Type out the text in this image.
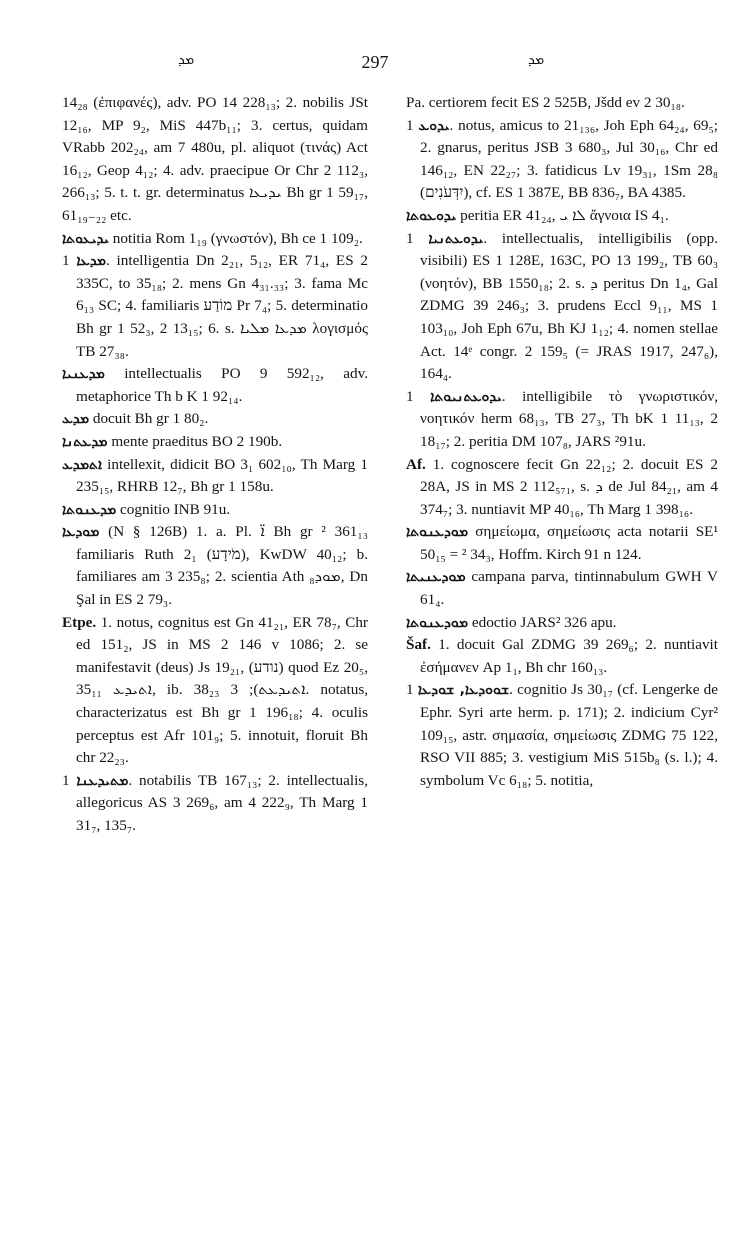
ܡܕ	297	ܡܕ

14₂₈ (ἐπιφανές), adv. PO 14 228₁₃; 2. nobilis JSt 12₁₆, MP 9₂, MiS 447b₁₁; 3. certus, quidam VRabb 202₂₄, am 7 480u, pl. aliquot (τινάς) Act 16₁₂, Geop 4₁₂; 4. adv. praecipue Or Chr 2 112₃, 266₁₃; 5. t. t. gr. determinatus ܝܕܝܥܐ Bh gr 1 59₁₇, 61₁₉₋₂₂ etc.

ܝܕܝܥܘܬܐ notitia Rom 1₁₉ (γνωστόν), Bh ce 1 109₂.

ܡܕܥܐ 1. intelligentia Dn 2₂₁, 5₁₂, ER 71₄, ES 2 335C, to 35₁₈; 2. mens Gn 4₃₁.₃₃; 3. fama Mc 6₁₃ SC; 4. familiaris מוֹדַע Pr 7₄; 5. determinatio Bh gr 1 52₃, 2 13₁₅; 6. s. ܡܕܥܐ ܡܠܝܐ λογισμός TB 27₃₈.

ܡܕܥܢܝܐ intellectualis PO 9 592₁₂, adv. metaphorice Th b K 1 92₁₄.

ܡܕܥ docuit Bh gr 1 80₂.

ܡܕܥܬܢܐ mente praeditus BO 2 190b.

ܐܬܡܕܥ intellexit, didicit BO 3₁ 602₁₀, Th Marg 1 235₁₅, RHRB 12₇, Bh gr 1 158u.

ܡܕܥܢܘܬܐ cognitio INB 91u.

ܡܘܕܥܐ (N § 126B) 1. a. Pl. ܐ̈ Bh gr ² 361₁₃ familiaris Ruth 2₁ (מֹידָע), KwDW 40₁₂; b. familiares am 3 235₈; 2. scientia Ath ܡܘܕ₈, Dn Şal in ES 2 79₃.

Etpe. 1. notus, cognitus est Gn 41₂₁, ER 78₇, Chr ed 151₂, JS in MS 2 146 v 1086; 2. se manifestavit (deus) Js 19₂₁, (נודע) quod Ez 20₅, 35₁₁ ܐܬܝܕܥ, ib. 38₂₃ ܐܬܝܕܥܬ); 3. notatus, characterizatus est Bh gr 1 196₁₈; 4. oculis perceptus est Afr 101₉; 5. innotuit, floruit Bh chr 22₂₃.

ܡܬܝܕܥܢܐ 1. notabilis TB 167₁₃; 2. intellectualis, allegoricus AS 3 269₆, am 4 222₉, Th Marg 1 31₇, 135₇.

Pa. certiorem fecit ES 2 525B, Jšdd ev 2 30₁₈.

ܝܕܘܥ 1. notus, amicus to 21₁₃₆, Joh Eph 64₂₄, 69₅; 2. gnarus, peritus JSB 3 680₃, Jul 30₁₆, Chr ed 146₁₂, EN 22₂₇; 3. fatidicus Lv 19₃₁, 1Sm 28₈ (יִדְּעֹנִים), cf. ES 1 387E, BB 836₇, BA 4385.

ܝܕܘܥܘܬܐ peritia ER 41₂₄, ܠܐ ܝ ἄγνοια IS 4₁.

ܝܕܘܥܬܢܝܐ 1. intellectualis, intelligibilis (opp. visibili) ES 1 128E, 163C, PO 13 199₂, TB 60₃ (νοητόν), BB 1550₁₈; 2. s. ܕ peritus Dn 1₄, Gal ZDMG 39 246₃; 3. prudens Eccl 9₁₁, MS 1 103₁₀, Joh Eph 67u, Bh KJ 1₁₂; 4. nomen stellae Act. 14ᵉ congr. 2 159₅ (= JRAS 1917, 247₆), 164₄.

ܝܕܘܥܬܢܝܘܬܐ 1. intelligibile τὸ γνωριστικόν, νοητικόν herm 68₁₃, TB 27₃, Th bK 1 11₁₃, 2 18₁₇; 2. peritia DM 107₈, JARS ²91u.

Af. 1. cognoscere fecit Gn 22₁₂; 2. docuit ES 2 28A, JS in MS 2 112₅₇₁, s. ܕ de Jul 84₂₁, am 4 374₇; 3. nuntiavit MP 40₁₆, Th Marg 1 398₁₆.

ܡܘܕܥܢܘܬܐ σημείωμα, σημείωσις acta notarii SE¹ 50₁₅ = ² 34₃, Hoffm. Kirch 91 n 124.

ܡܘܕܥܢܝܬܐ campana parva, tintinnabulum GWH V 61₄.

ܡܘܕܥܢܘܬܐ edoctio JARS² 326 apu.

Šaf. 1. docuit Gal ZDMG 39 269₆; 2. nuntiavit ἐσήμανεν Ap 1₁, Bh chr 160₁₃.

ܫܘܘܕܥܐ, ܫܘܕܥܐ 1. cognitio Js 30₁₇ (cf. Lengerke de Ephr. Syri arte herm. p. 171); 2. indicium Cyr² 109₁₅, astr. σημασία, σημείωσις ZDMG 75 122, RSO VII 885; 3. vestigium MiS 515b₈ (s. l.); 4. symbolum Vc 6₁₈; 5. notitia,
